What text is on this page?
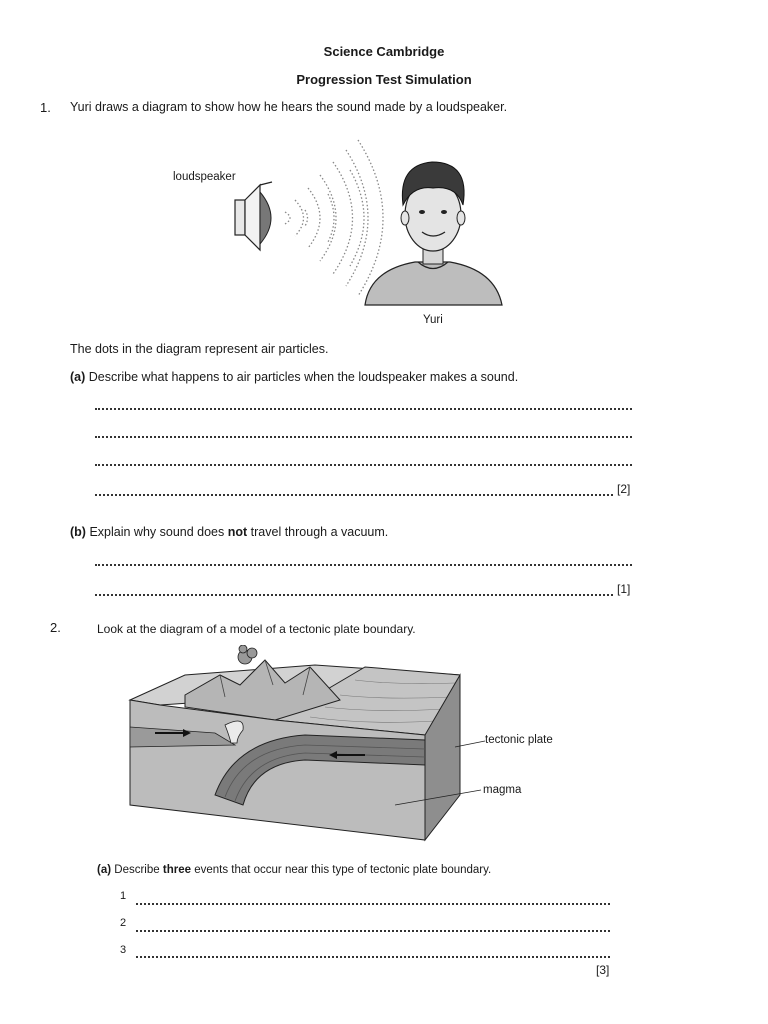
Science Cambridge
Progression Test Simulation
1. Yuri draws a diagram to show how he hears the sound made by a loudspeaker.
loudspeaker
Yuri
The dots in the diagram represent air particles.
(a) Describe what happens to air particles when the loudspeaker makes a sound.
[2]
(b) Explain why sound does not travel through a vacuum.
[1]
2.	Look at the diagram of a model of a tectonic plate boundary.
tectonic plate
magma
(a) Describe three events that occur near this type of tectonic plate boundary.
1
2
3
[3]
